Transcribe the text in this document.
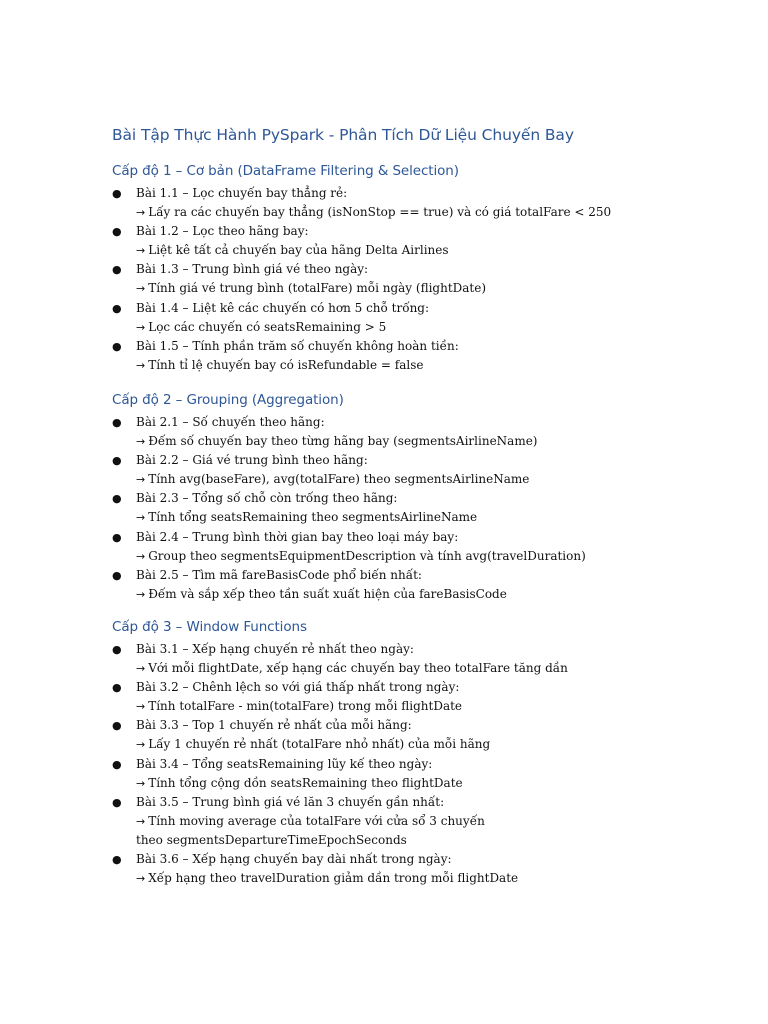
Bài Tập Thực Hành PySpark - Phân Tích Dữ Liệu Chuyến Bay
Cấp độ 1 – Cơ bản (DataFrame Filtering & Selection)
● Bài 1.1 – Lọc chuyến bay thẳng rẻ:
→ Lấy ra các chuyến bay thẳng (isNonStop == true) và có giá totalFare < 250
● Bài 1.2 – Lọc theo hãng bay:
→ Liệt kê tất cả chuyến bay của hãng Delta Airlines
● Bài 1.3 – Trung bình giá vé theo ngày:
→ Tính giá vé trung bình (totalFare) mỗi ngày (flightDate)
● Bài 1.4 – Liệt kê các chuyến có hơn 5 chỗ trống:
→ Lọc các chuyến có seatsRemaining > 5
● Bài 1.5 – Tính phần trăm số chuyến không hoàn tiền:
→ Tính tỉ lệ chuyến bay có isRefundable = false
Cấp độ 2 – Grouping (Aggregation)
● Bài 2.1 – Số chuyến theo hãng:
→ Đếm số chuyến bay theo từng hãng bay (segmentsAirlineName)
● Bài 2.2 – Giá vé trung bình theo hãng:
→ Tính avg(baseFare), avg(totalFare) theo segmentsAirlineName
● Bài 2.3 – Tổng số chỗ còn trống theo hãng:
→ Tính tổng seatsRemaining theo segmentsAirlineName
● Bài 2.4 – Trung bình thời gian bay theo loại máy bay:
→ Group theo segmentsEquipmentDescription và tính avg(travelDuration)
● Bài 2.5 – Tìm mã fareBasisCode phổ biến nhất:
→ Đếm và sắp xếp theo tần suất xuất hiện của fareBasisCode
Cấp độ 3 – Window Functions
● Bài 3.1 – Xếp hạng chuyến rẻ nhất theo ngày:
→ Với mỗi flightDate, xếp hạng các chuyến bay theo totalFare tăng dần
● Bài 3.2 – Chênh lệch so với giá thấp nhất trong ngày:
→ Tính totalFare - min(totalFare) trong mỗi flightDate
● Bài 3.3 – Top 1 chuyến rẻ nhất của mỗi hãng:
→ Lấy 1 chuyến rẻ nhất (totalFare nhỏ nhất) của mỗi hãng
● Bài 3.4 – Tổng seatsRemaining lũy kế theo ngày:
→ Tính tổng cộng dồn seatsRemaining theo flightDate
● Bài 3.5 – Trung bình giá vé lăn 3 chuyến gần nhất:
→ Tính moving average của totalFare với cửa sổ 3 chuyến theo segmentsDepartureTimeEpochSeconds
● Bài 3.6 – Xếp hạng chuyến bay dài nhất trong ngày:
→ Xếp hạng theo travelDuration giảm dần trong mỗi flightDate
